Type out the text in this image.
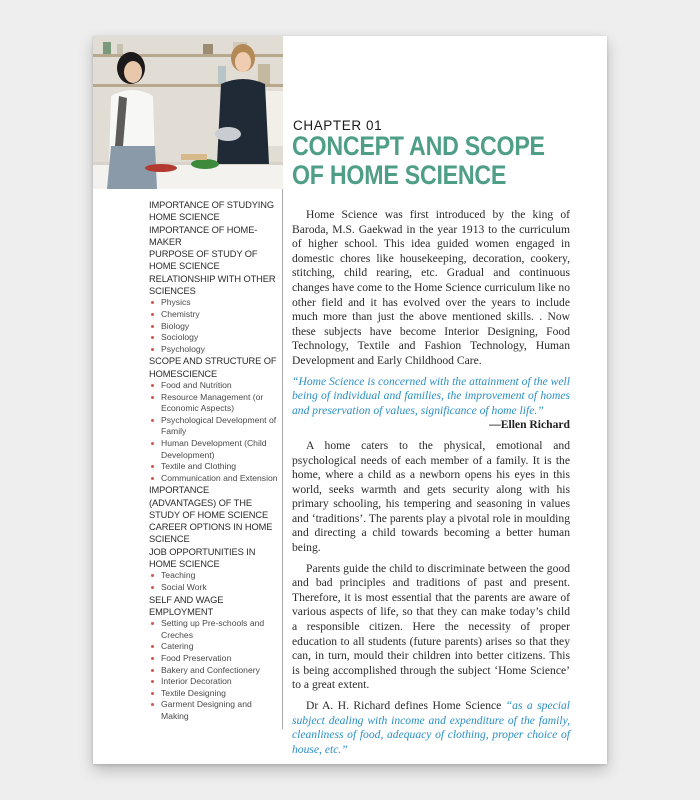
IMPORTANCE OF STUDYING HOME SCIENCE
IMPORTANCE OF HOME-MAKER
PURPOSE OF STUDY OF HOME SCIENCE
RELATIONSHIP WITH OTHER SCIENCES
Physics
Chemistry
Biology
Sociology
Psychology
SCOPE AND STRUCTURE OF HOMESCIENCE
Food and Nutrition
Resource Management (or Economic Aspects)
Psychological Development of Family
Human Development (Child Development)
Textile and Clothing
Communication and Extension
IMPORTANCE (ADVANTAGES) OF THE STUDY OF HOME SCIENCE
CAREER OPTIONS IN HOME SCIENCE
JOB OPPORTUNITIES IN HOME SCIENCE
Teaching
Social Work
SELF AND WAGE EMPLOYMENT
Setting up Pre-schools and Creches
Catering
Food Preservation
Bakery and Confectionery
Interior Decoration
Textile Designing
Garment Designing and Making
CHAPTER 01
CONCEPT AND SCOPE OF HOME SCIENCE

Home Science was first introduced by the king of Baroda, M.S. Gaekwad in the year 1913 to the curriculum of higher school. This idea guided women engaged in domestic chores like housekeeping, decoration, cookery, stitching, child rearing, etc. Gradual and continuous changes have come to the Home Science curriculum like no other field and it has evolved over the years to include much more than just the above mentioned skills. . Now these subjects have become Interior Designing, Food Technology, Textile and Fashion Technology, Human Development and Early Childhood Care.

“Home Science is concerned with the attainment of the well being of individual and families, the improvement of homes and preservation of values, significance of home life.”
—Ellen Richard

A home caters to the physical, emotional and psychological needs of each member of a family. It is the home, where a child as a newborn opens his eyes in this world, seeks warmth and gets security along with his primary schooling, his tempering and seasoning in values and ‘traditions’. The parents play a pivotal role in moulding and directing a child towards becoming a better human being.

Parents guide the child to discriminate between the good and bad principles and traditions of past and present. Therefore, it is most essential that the parents are aware of various aspects of life, so that they can make today’s child a responsible citizen. Here the necessity of proper education to all students (future parents) arises so that they can, in turn, mould their children into better citizens. This is being accomplished through the subject ‘Home Science’ to a great extent.

Dr A. H. Richard defines Home Science “as a special subject dealing with income and expenditure of the family, cleanliness of food, adequacy of clothing, proper choice of house, etc.”
